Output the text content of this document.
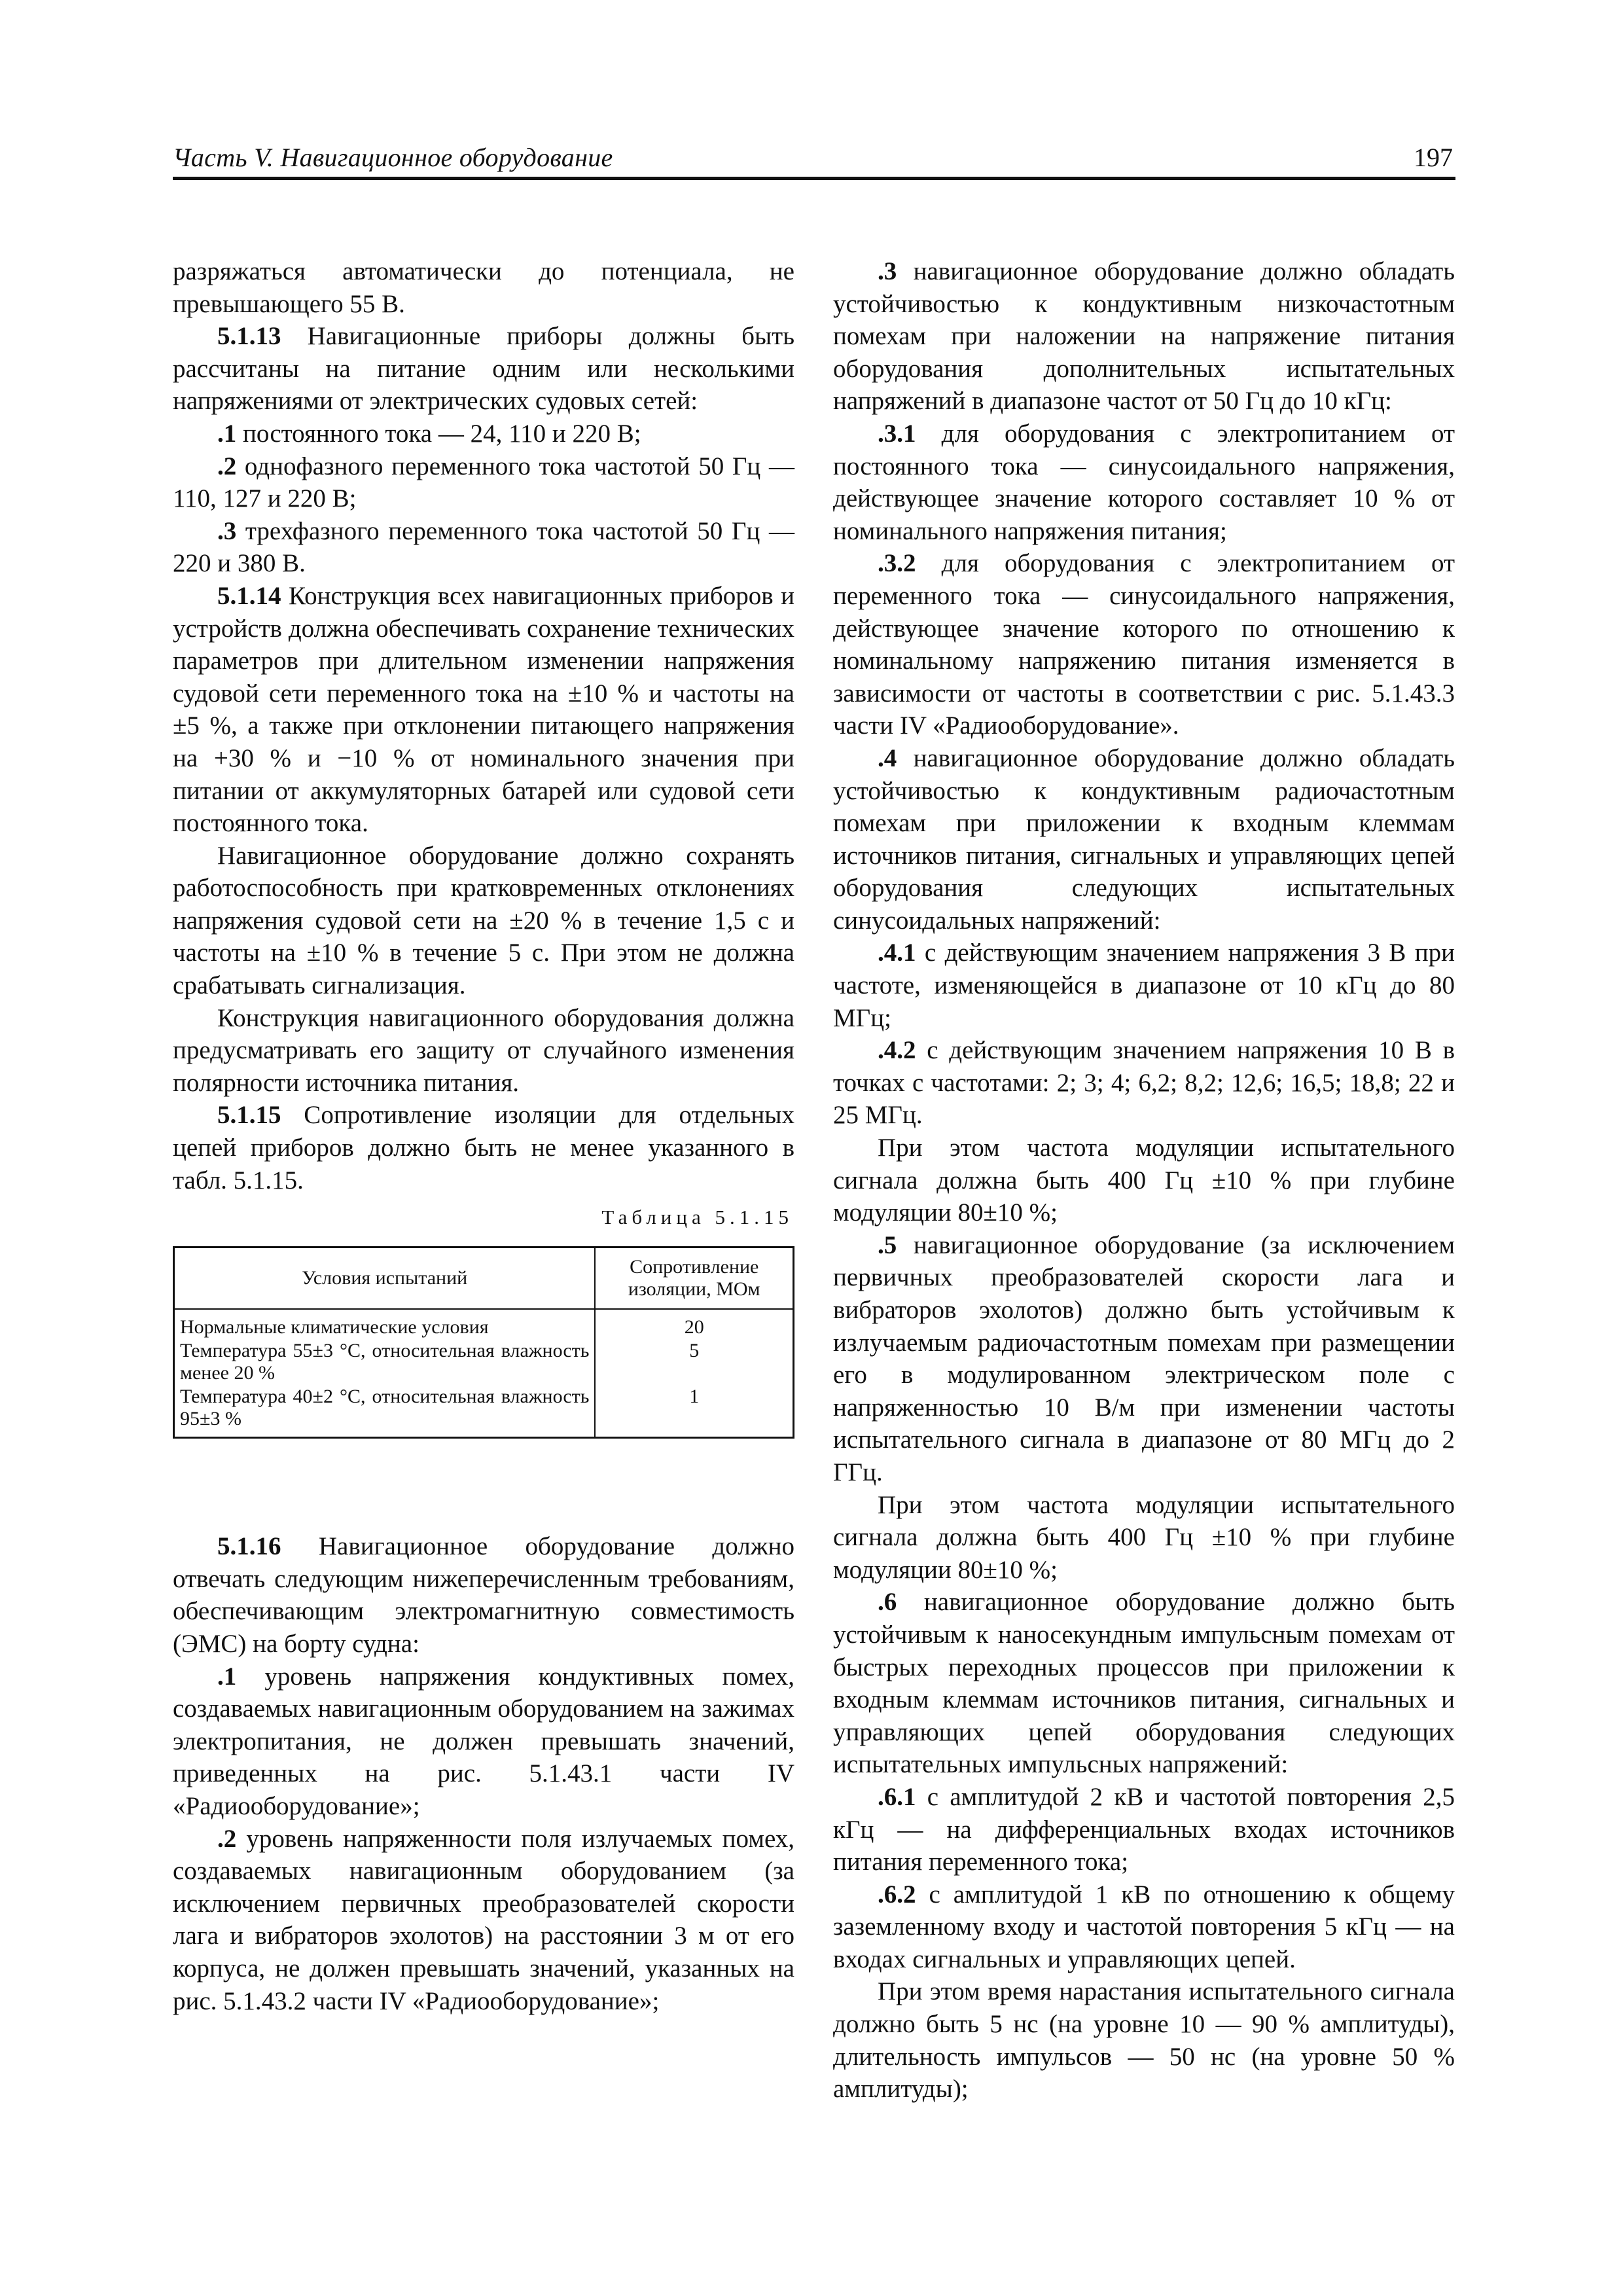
Часть V. Навигационное оборудование	197

разряжаться автоматически до потенциала, не превышающего 55 В.

5.1.13 Навигационные приборы должны быть рассчитаны на питание одним или несколькими напряжениями от электрических судовых сетей:

.1 постоянного тока — 24, 110 и 220 В;

.2 однофазного переменного тока частотой 50 Гц — 110, 127 и 220 В;

.3 трехфазного переменного тока частотой 50 Гц — 220 и 380 В.

5.1.14 Конструкция всех навигационных приборов и устройств должна обеспечивать сохранение технических параметров при длительном изменении напряжения судовой сети переменного тока на ±10 % и частоты на ±5 %, а также при отклонении питающего напряжения на +30 % и −10 % от номинального значения при питании от аккумуляторных батарей или судовой сети постоянного тока.

Навигационное оборудование должно сохранять работоспособность при кратковременных отклонениях напряжения судовой сети на ±20 % в течение 1,5 с и частоты на ±10 % в течение 5 с. При этом не должна срабатывать сигнализация.

Конструкция навигационного оборудования должна предусматривать его защиту от случайного изменения полярности источника питания.

5.1.15 Сопротивление изоляции для отдельных цепей приборов должно быть не менее указанного в табл. 5.1.15.

Таблица 5.1.15
Условия испытаний	Сопротивление изоляции, МОм
Нормальные климатические условия	20
Температура 55±3 °С, относительная влажность менее 20 %	5
Температура 40±2 °С, относительная влажность 95±3 %	1

5.1.16 Навигационное оборудование должно отвечать следующим нижеперечисленным требованиям, обеспечивающим электромагнитную совместимость (ЭМС) на борту судна:

.1 уровень напряжения кондуктивных помех, создаваемых навигационным оборудованием на зажимах электропитания, не должен превышать значений, приведенных на рис. 5.1.43.1 части IV «Радиооборудование»;

.2 уровень напряженности поля излучаемых помех, создаваемых навигационным оборудованием (за исключением первичных преобразователей скорости лага и вибраторов эхолотов) на расстоянии 3 м от его корпуса, не должен превышать значений, указанных на рис. 5.1.43.2 части IV «Радиооборудование»;

.3 навигационное оборудование должно обладать устойчивостью к кондуктивным низкочастотным помехам при наложении на напряжение питания оборудования дополнительных испытательных напряжений в диапазоне частот от 50 Гц до 10 кГц:

.3.1 для оборудования с электропитанием от постоянного тока — синусоидального напряжения, действующее значение которого составляет 10 % от номинального напряжения питания;

.3.2 для оборудования с электропитанием от переменного тока — синусоидального напряжения, действующее значение которого по отношению к номинальному напряжению питания изменяется в зависимости от частоты в соответствии с рис. 5.1.43.3 части IV «Радиооборудование».

.4 навигационное оборудование должно обладать устойчивостью к кондуктивным радиочастотным помехам при приложении к входным клеммам источников питания, сигнальных и управляющих цепей оборудования следующих испытательных синусоидальных напряжений:

.4.1 с действующим значением напряжения 3 В при частоте, изменяющейся в диапазоне от 10 кГц до 80 МГц;

.4.2 с действующим значением напряжения 10 В в точках с частотами: 2; 3; 4; 6,2; 8,2; 12,6; 16,5; 18,8; 22 и 25 МГц.

При этом частота модуляции испытательного сигнала должна быть 400 Гц ±10 % при глубине модуляции 80±10 %;

.5 навигационное оборудование (за исключением первичных преобразователей скорости лага и вибраторов эхолотов) должно быть устойчивым к излучаемым радиочастотным помехам при размещении его в модулированном электрическом поле с напряженностью 10 В/м при изменении частоты испытательного сигнала в диапазоне от 80 МГц до 2 ГГц.

При этом частота модуляции испытательного сигнала должна быть 400 Гц ±10 % при глубине модуляции 80±10 %;

.6 навигационное оборудование должно быть устойчивым к наносекундным импульсным помехам от быстрых переходных процессов при приложении к входным клеммам источников питания, сигнальных и управляющих цепей оборудования следующих испытательных импульсных напряжений:

.6.1 с амплитудой 2 кВ и частотой повторения 2,5 кГц — на дифференциальных входах источников питания переменного тока;

.6.2 с амплитудой 1 кВ по отношению к общему заземленному входу и частотой повторения 5 кГц — на входах сигнальных и управляющих цепей.

При этом время нарастания испытательного сигнала должно быть 5 нс (на уровне 10 — 90 % амплитуды), длительность импульсов — 50 нс (на уровне 50 % амплитуды);
